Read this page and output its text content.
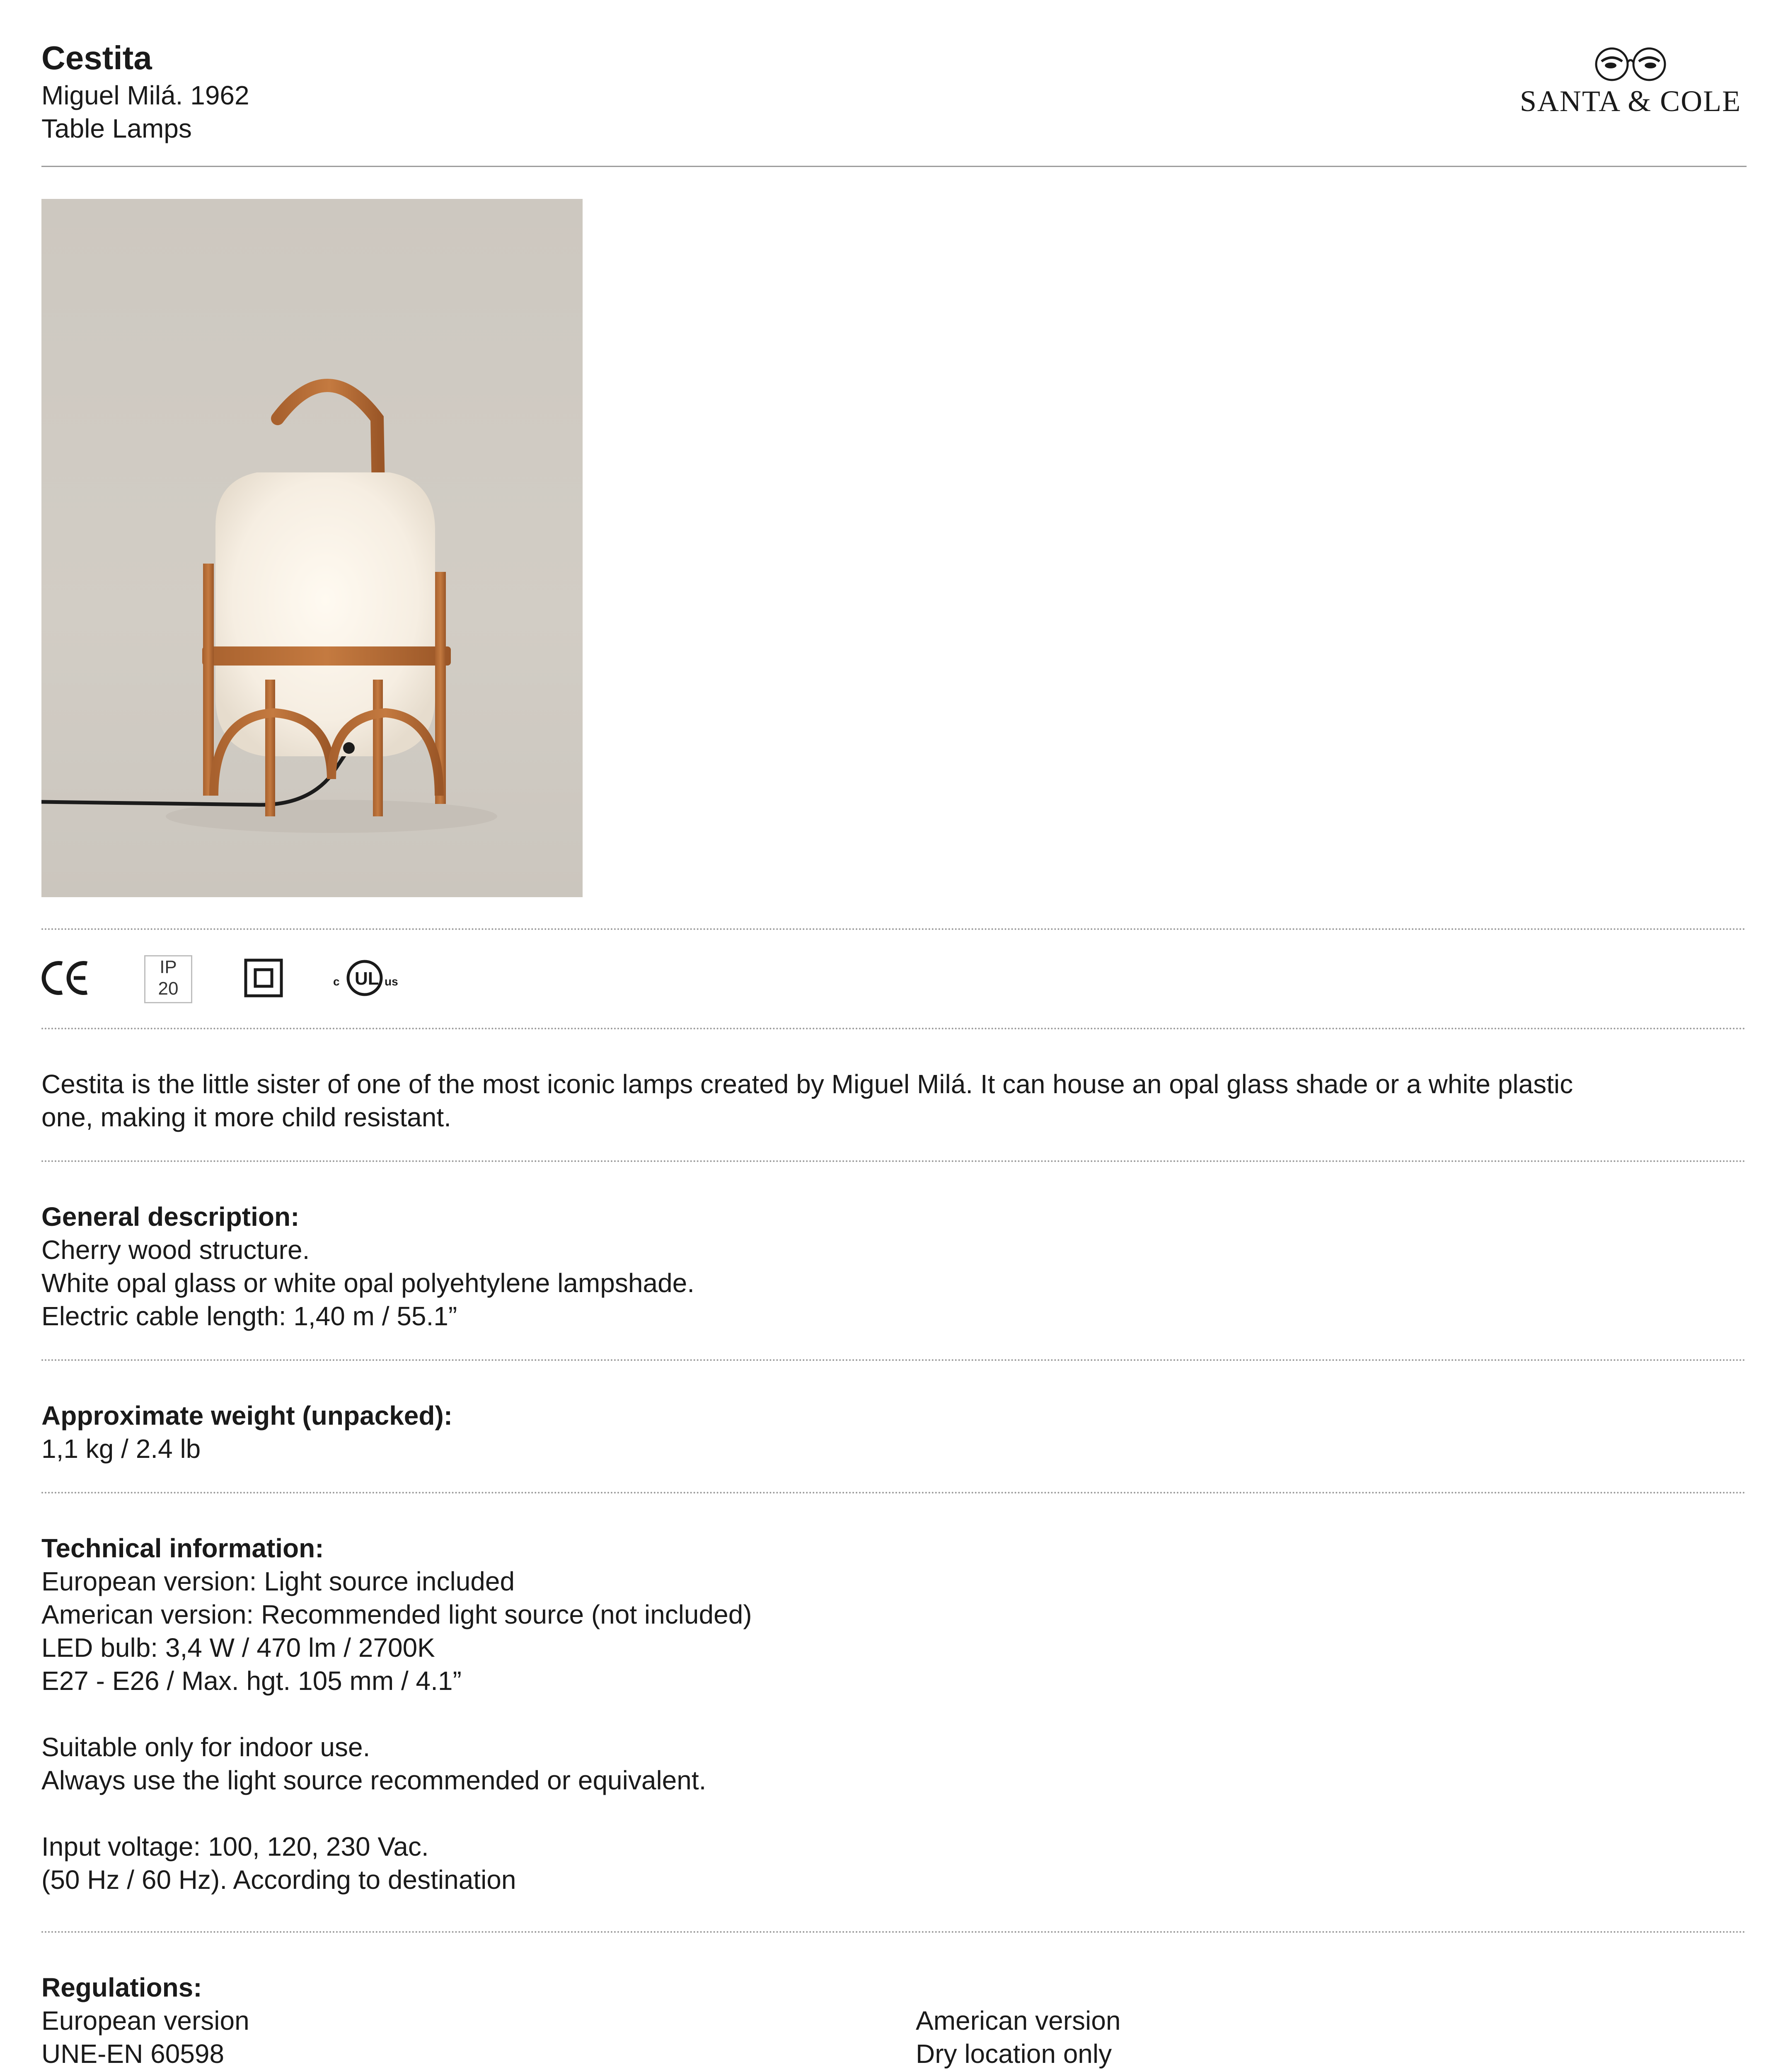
Cestita
Miguel Milá. 1962
Table Lamps
SANTA & COLE
IP
20	c UL us
Cestita is the little sister of one of the most iconic lamps created by Miguel Milá. It can house an opal glass shade or a white plastic
one, making it more child resistant.
General description:
Cherry wood structure.
White opal glass or white opal polyehtylene lampshade.
Electric cable length: 1,40 m / 55.1”
Approximate weight (unpacked):
1,1 kg / 2.4 lb
Technical information:
European version: Light source included
American version: Recommended light source (not included)
LED bulb: 3,4 W / 470 lm / 2700K
E27 - E26 / Max. hgt. 105 mm / 4.1”
Suitable only for indoor use.
Always use the light source recommended or equivalent.
Input voltage: 100, 120, 230 Vac.
(50 Hz / 60 Hz). According to destination
Regulations:
European version
UNE-EN 60598
American version
Dry location only
